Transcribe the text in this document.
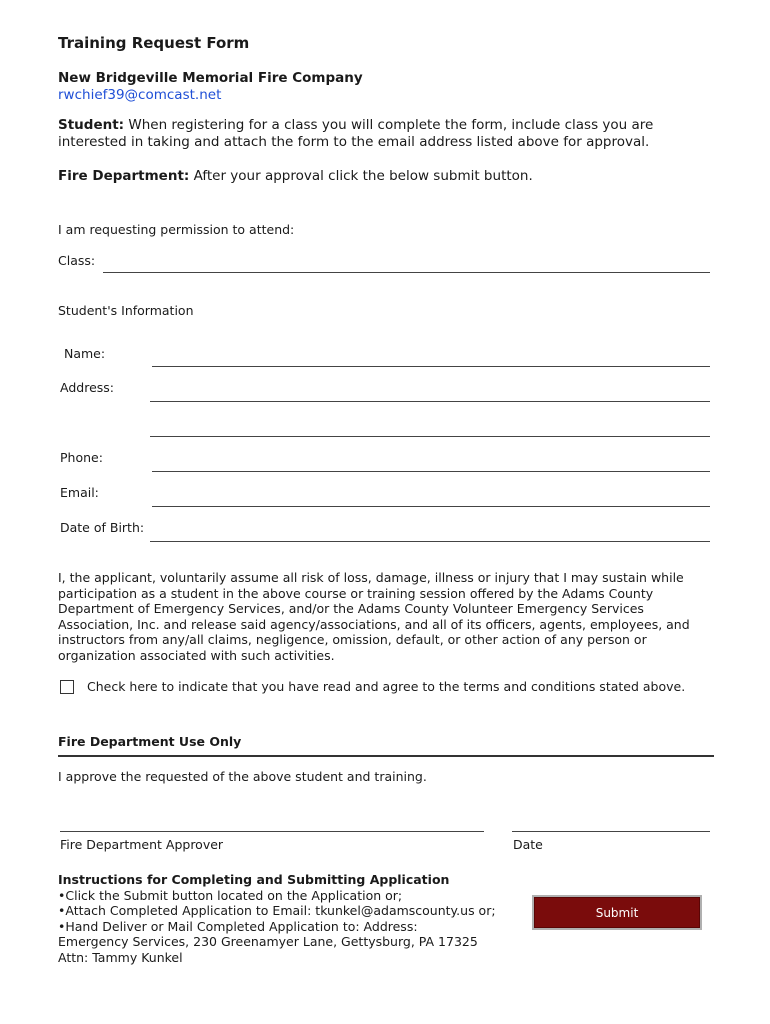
Training Request Form
New Bridgeville Memorial Fire Company
rwchief39@comcast.net
Student: When registering for a class you will complete the form, include class you are interested in taking and attach the form to the email address listed above for approval.
Fire Department: After your approval click the below submit button.
I am requesting permission to attend:
Class:
Student's Information
Name:
Address:
Phone:
Email:
Date of Birth:
I, the applicant, voluntarily assume all risk of loss, damage, illness or injury that I may sustain while participation as a student in the above course or training session offered by the Adams County Department of Emergency Services, and/or the Adams County Volunteer Emergency Services Association, Inc. and release said agency/associations, and all of its officers, agents, employees, and instructors from any/all claims, negligence, omission, default, or other action of any person or organization associated with such activities.
Check here to indicate that you have read and agree to the terms and conditions stated above.
Fire Department Use Only
I approve the requested of the above student and training.
Fire Department Approver	Date
Instructions for Completing and Submitting Application
•Click the Submit button located on the Application or;
•Attach Completed Application to Email: tkunkel@adamscounty.us or;
•Hand Deliver or Mail Completed Application to: Address:
Emergency Services, 230 Greenamyer Lane, Gettysburg, PA 17325
Attn: Tammy Kunkel
Submit
